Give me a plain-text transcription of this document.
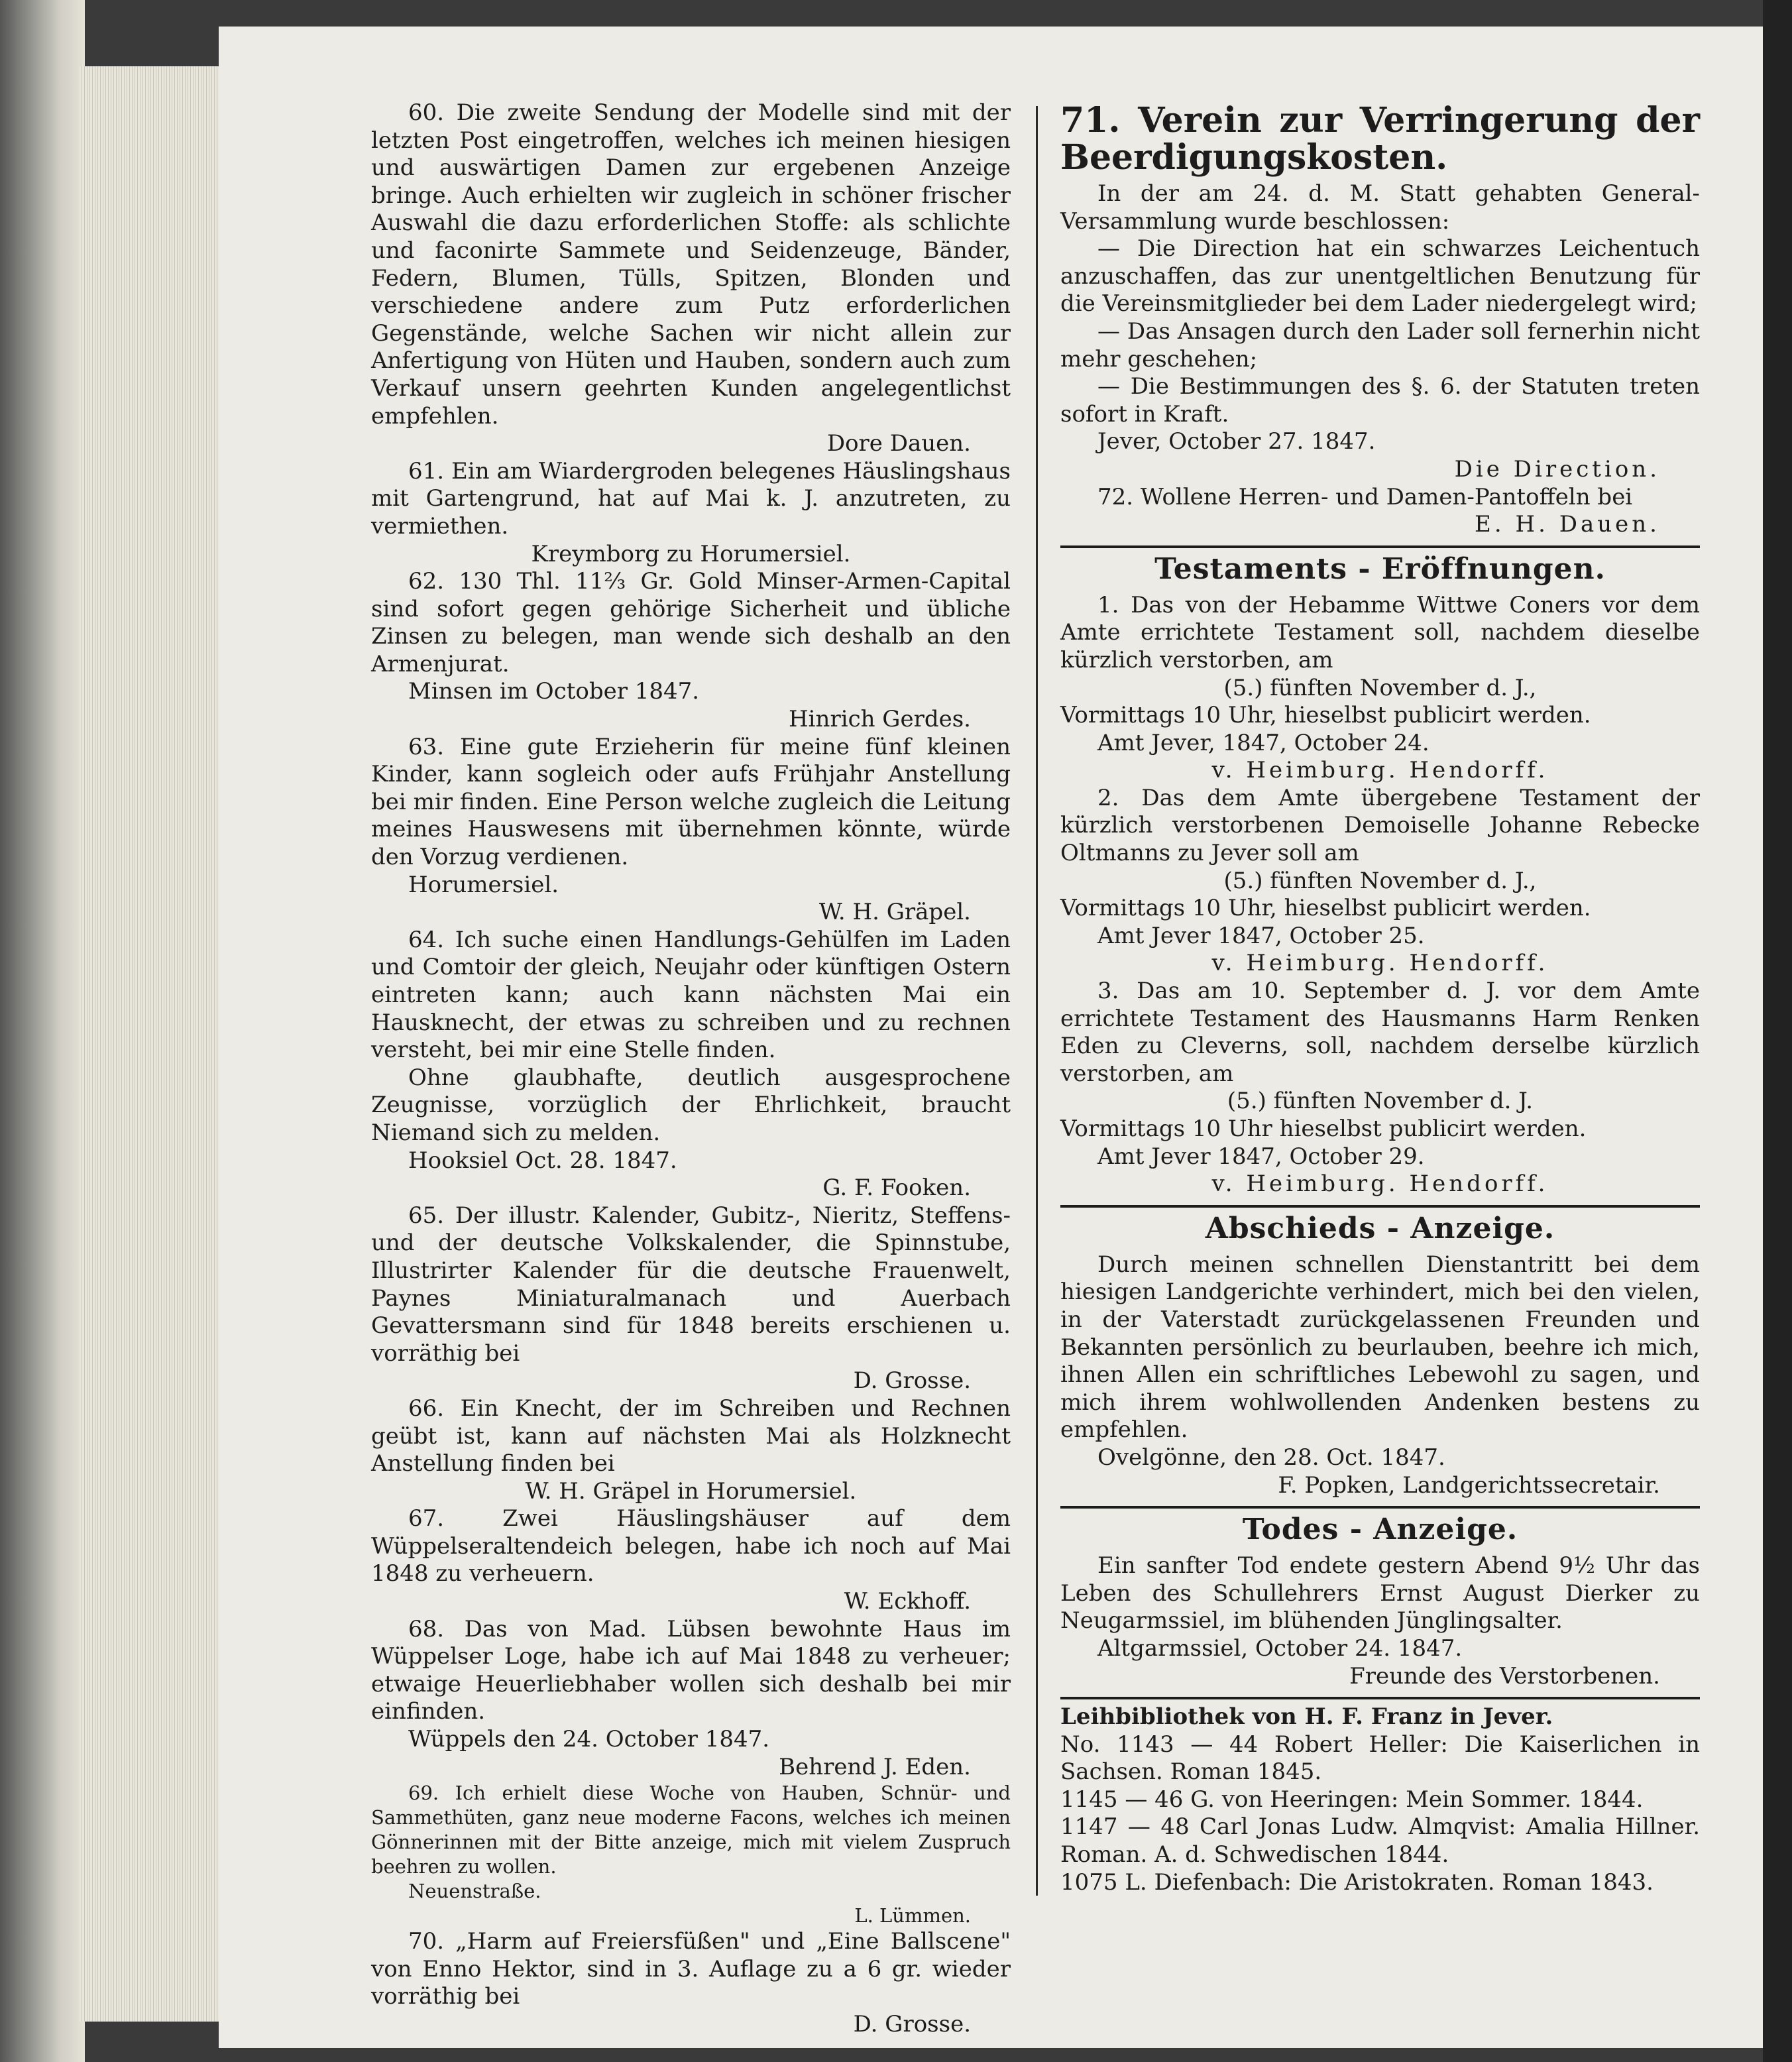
60. Die zweite Sendung der Modelle sind mit der letzten Post eingetroffen, welches ich meinen hiesigen und auswärtigen Damen zur ergebenen Anzeige bringe. Auch erhielten wir zugleich in schöner frischer Auswahl die dazu erforderlichen Stoffe: als schlichte und faconirte Sammete und Seidenzeuge, Bänder, Federn, Blumen, Tülls, Spitzen, Blonden und verschiedene andere zum Putz erforderlichen Gegenstände, welche Sachen wir nicht allein zur Anfertigung von Hüten und Hauben, sondern auch zum Verkauf unsern geehrten Kunden angelegentlichst empfehlen.

Dore Dauen.

61. Ein am Wiardergroden belegenes Häuslingshaus mit Gartengrund, hat auf Mai k. J. anzutreten, zu vermiethen.

Kreymborg zu Horumersiel.

62. 130 Thl. 11⅔ Gr. Gold Minser-Armen-Capital sind sofort gegen gehörige Sicherheit und übliche Zinsen zu belegen, man wende sich deshalb an den Armenjurat.

Minsen im October 1847.

Hinrich Gerdes.

63. Eine gute Erzieherin für meine fünf kleinen Kinder, kann sogleich oder aufs Frühjahr Anstellung bei mir finden. Eine Person welche zugleich die Leitung meines Hauswesens mit übernehmen könnte, würde den Vorzug verdienen.

Horumersiel.

W. H. Gräpel.

64. Ich suche einen Handlungs-Gehülfen im Laden und Comtoir der gleich, Neujahr oder künftigen Ostern eintreten kann; auch kann nächsten Mai ein Hausknecht, der etwas zu schreiben und zu rechnen versteht, bei mir eine Stelle finden.

Ohne glaubhafte, deutlich ausgesprochene Zeugnisse, vorzüglich der Ehrlichkeit, braucht Niemand sich zu melden.

Hooksiel Oct. 28. 1847.

G. F. Fooken.

65. Der illustr. Kalender, Gubitz-, Nieritz, Steffens- und der deutsche Volkskalender, die Spinnstube, Illustrirter Kalender für die deutsche Frauenwelt, Paynes Miniaturalmanach und Auerbach Gevattersmann sind für 1848 bereits erschienen u. vorräthig bei

D. Grosse.

66. Ein Knecht, der im Schreiben und Rechnen geübt ist, kann auf nächsten Mai als Holzknecht Anstellung finden bei

W. H. Gräpel in Horumersiel.

67. Zwei Häuslingshäuser auf dem Wüppelseraltendeich belegen, habe ich noch auf Mai 1848 zu verheuern.

W. Eckhoff.

68. Das von Mad. Lübsen bewohnte Haus im Wüppelser Loge, habe ich auf Mai 1848 zu verheuer; etwaige Heuerliebhaber wollen sich deshalb bei mir einfinden.

Wüppels den 24. October 1847.

Behrend J. Eden.

69. Ich erhielt diese Woche von Hauben, Schnür- und Sammethüten, ganz neue moderne Facons, welches ich meinen Gönnerinnen mit der Bitte anzeige, mich mit vielem Zuspruch beehren zu wollen.

Neuenstraße.

L. Lümmen.

70. „Harm auf Freiersfüßen" und „Eine Ballscene" von Enno Hektor, sind in 3. Auflage zu a 6 gr. wieder vorräthig bei

D. Grosse.

71. Verein zur Verringerung der Beerdigungskosten.

In der am 24. d. M. Statt gehabten General-Versammlung wurde beschlossen:

— Die Direction hat ein schwarzes Leichentuch anzuschaffen, das zur unentgeltlichen Benutzung für die Vereinsmitglieder bei dem Lader niedergelegt wird;

— Das Ansagen durch den Lader soll fernerhin nicht mehr geschehen;

— Die Bestimmungen des §. 6. der Statuten treten sofort in Kraft.

Jever, October 27. 1847.

Die Direction.

72. Wollene Herren- und Damen-Pantoffeln bei

E. H. Dauen.

Testaments - Eröffnungen.

1. Das von der Hebamme Wittwe Coners vor dem Amte errichtete Testament soll, nachdem dieselbe kürzlich verstorben, am

(5.) fünften November d. J.,

Vormittags 10 Uhr, hieselbst publicirt werden.

Amt Jever, 1847, October 24.

v. Heimburg. Hendorff.

2. Das dem Amte übergebene Testament der kürzlich verstorbenen Demoiselle Johanne Rebecke Oltmanns zu Jever soll am

(5.) fünften November d. J.,

Vormittags 10 Uhr, hieselbst publicirt werden.

Amt Jever 1847, October 25.

v. Heimburg. Hendorff.

3. Das am 10. September d. J. vor dem Amte errichtete Testament des Hausmanns Harm Renken Eden zu Cleverns, soll, nachdem derselbe kürzlich verstorben, am

(5.) fünften November d. J.

Vormittags 10 Uhr hieselbst publicirt werden.

Amt Jever 1847, October 29.

v. Heimburg. Hendorff.

Abschieds - Anzeige.

Durch meinen schnellen Dienstantritt bei dem hiesigen Landgerichte verhindert, mich bei den vielen, in der Vaterstadt zurückgelassenen Freunden und Bekannten persönlich zu beurlauben, beehre ich mich, ihnen Allen ein schriftliches Lebewohl zu sagen, und mich ihrem wohlwollenden Andenken bestens zu empfehlen.

Ovelgönne, den 28. Oct. 1847.

F. Popken, Landgerichtssecretair.

Todes - Anzeige.

Ein sanfter Tod endete gestern Abend 9½ Uhr das Leben des Schullehrers Ernst August Dierker zu Neugarmssiel, im blühenden Jünglingsalter.

Altgarmssiel, October 24. 1847.

Freunde des Verstorbenen.

Leihbibliothek von H. F. Franz in Jever.

No. 1143 — 44 Robert Heller: Die Kaiserlichen in Sachsen. Roman 1845.

1145 — 46 G. von Heeringen: Mein Sommer. 1844.

1147 — 48 Carl Jonas Ludw. Almqvist: Amalia Hillner. Roman. A. d. Schwedischen 1844.

1075 L. Diefenbach: Die Aristokraten. Roman 1843.
